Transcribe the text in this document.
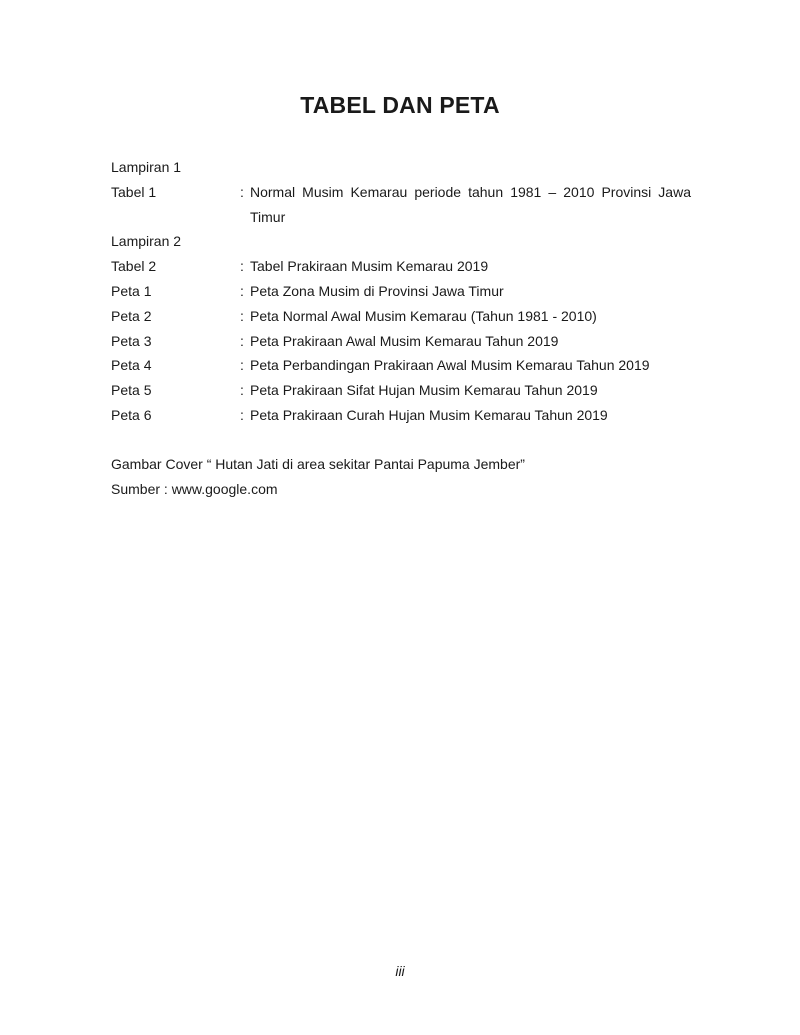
TABEL DAN PETA
Lampiran 1
Tabel 1	: Normal Musim Kemarau periode tahun 1981 – 2010 Provinsi Jawa Timur
Lampiran 2
Tabel 2	: Tabel Prakiraan Musim Kemarau 2019
Peta 1	: Peta Zona Musim di Provinsi Jawa Timur
Peta 2	: Peta Normal Awal Musim Kemarau (Tahun 1981 - 2010)
Peta 3	: Peta Prakiraan Awal Musim Kemarau Tahun 2019
Peta 4	: Peta Perbandingan Prakiraan Awal Musim Kemarau Tahun 2019
Peta 5	: Peta Prakiraan Sifat Hujan Musim Kemarau Tahun 2019
Peta 6	: Peta Prakiraan Curah Hujan Musim Kemarau Tahun 2019
Gambar Cover “ Hutan Jati di area sekitar Pantai Papuma Jember”
Sumber : www.google.com
iii
